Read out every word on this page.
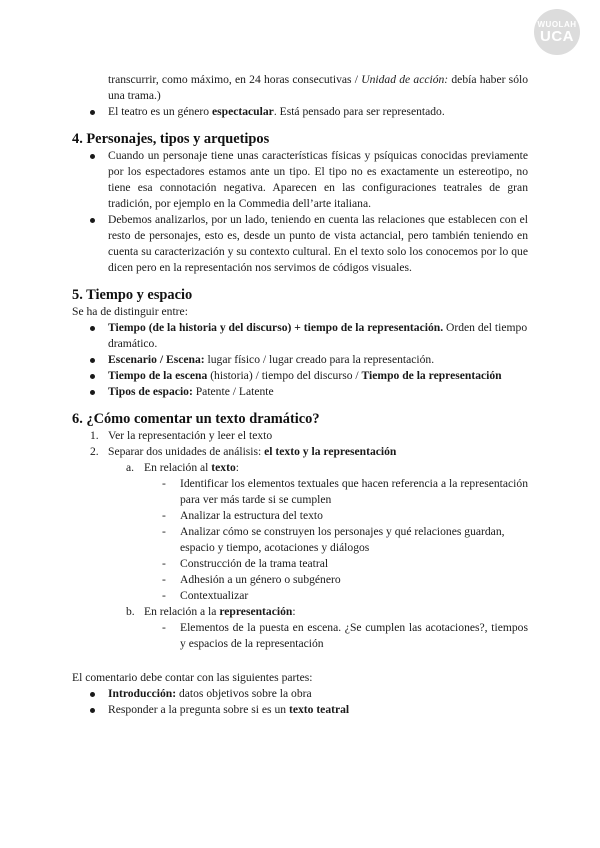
WUOLAH
UCA
transcurrir, como máximo, en 24 horas consecutivas / Unidad de acción: debía haber sólo una trama.)
El teatro es un género espectacular. Está pensado para ser representado.
4. Personajes, tipos y arquetipos
Cuando un personaje tiene unas características físicas y psíquicas conocidas previamente por los espectadores estamos ante un tipo. El tipo no es exactamente un estereotipo, no tiene esa connotación negativa. Aparecen en las configuraciones teatrales de gran tradición, por ejemplo en la Commedia dell’arte italiana.
Debemos analizarlos, por un lado, teniendo en cuenta las relaciones que establecen con el resto de personajes, esto es, desde un punto de vista actancial, pero también teniendo en cuenta su caracterización y su contexto cultural. En el texto solo los conocemos por lo que dicen pero en la representación nos servimos de códigos visuales.
5. Tiempo y espacio
Se ha de distinguir entre:
Tiempo (de la historia y del discurso) + tiempo de la representación. Orden del tiempo dramático.
Escenario / Escena: lugar físico / lugar creado para la representación.
Tiempo de la escena (historia) / tiempo del discurso / Tiempo de la representación
Tipos de espacio: Patente / Latente
6. ¿Cómo comentar un texto dramático?
1. Ver la representación y leer el texto
2. Separar dos unidades de análisis: el texto y la representación
a. En relación al texto:
- Identificar los elementos textuales que hacen referencia a la representación para ver más tarde si se cumplen
- Analizar la estructura del texto
- Analizar cómo se construyen los personajes y qué relaciones guardan, espacio y tiempo, acotaciones y diálogos
- Construcción de la trama teatral
- Adhesión a un género o subgénero
- Contextualizar
b. En relación a la representación:
- Elementos de la puesta en escena. ¿Se cumplen las acotaciones?, tiempos y espacios de la representación
El comentario debe contar con las siguientes partes:
Introducción: datos objetivos sobre la obra
Responder a la pregunta sobre si es un texto teatral
